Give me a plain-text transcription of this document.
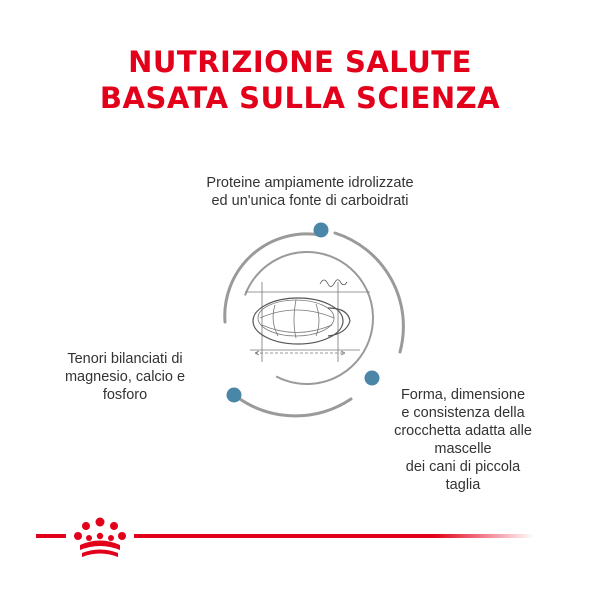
NUTRIZIONE SALUTE
BASATA SULLA SCIENZA
Proteine ampiamente idrolizzate
ed un'unica fonte di carboidrati
Tenori bilanciati di
magnesio, calcio e
fosforo	Forma, dimensione
e consistenza della
crocchetta adatta alle
mascelle
dei cani di piccola
taglia
